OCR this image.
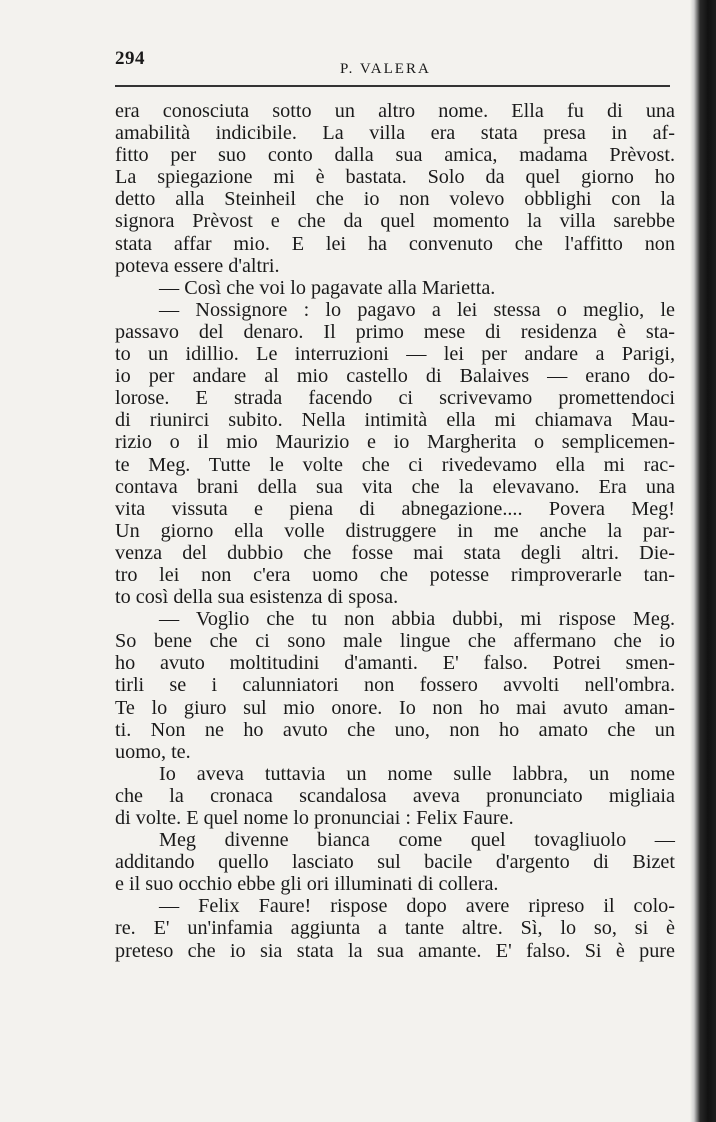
294	P. VALERA
era conosciuta sotto un altro nome. Ella fu di una
amabilità indicibile. La villa era stata presa in af-
fitto per suo conto dalla sua amica, madama Prèvost.
La spiegazione mi è bastata. Solo da quel giorno ho
detto alla Steinheil che io non volevo obblighi con la
signora Prèvost e che da quel momento la villa sarebbe
stata affar mio. E lei ha convenuto che l'affitto non
poteva essere d'altri.
— Così che voi lo pagavate alla Marietta.
— Nossignore : lo pagavo a lei stessa o meglio, le
passavo del denaro. Il primo mese di residenza è sta-
to un idillio. Le interruzioni — lei per andare a Parigi,
io per andare al mio castello di Balaives — erano do-
lorose. E strada facendo ci scrivevamo promettendoci
di riunirci subito. Nella intimità ella mi chiamava Mau-
rizio o il mio Maurizio e io Margherita o semplicemen-
te Meg. Tutte le volte che ci rivedevamo ella mi rac-
contava brani della sua vita che la elevavano. Era una
vita vissuta e piena di abnegazione.... Povera Meg!
Un giorno ella volle distruggere in me anche la par-
venza del dubbio che fosse mai stata degli altri. Die-
tro lei non c'era uomo che potesse rimproverarle tan-
to così della sua esistenza di sposa.
— Voglio che tu non abbia dubbi, mi rispose Meg.
So bene che ci sono male lingue che affermano che io
ho avuto moltitudini d'amanti. E' falso. Potrei smen-
tirli se i calunniatori non fossero avvolti nell'ombra.
Te lo giuro sul mio onore. Io non ho mai avuto aman-
ti. Non ne ho avuto che uno, non ho amato che un
uomo, te.
Io aveva tuttavia un nome sulle labbra, un nome
che la cronaca scandalosa aveva pronunciato migliaia
di volte. E quel nome lo pronunciai : Felix Faure.
Meg divenne bianca come quel tovagliuolo —
additando quello lasciato sul bacile d'argento di Bizet
e il suo occhio ebbe gli ori illuminati di collera.
— Felix Faure! rispose dopo avere ripreso il colo-
re. E' un'infamia aggiunta a tante altre. Sì, lo so, si è
preteso che io sia stata la sua amante. E' falso. Si è pure
